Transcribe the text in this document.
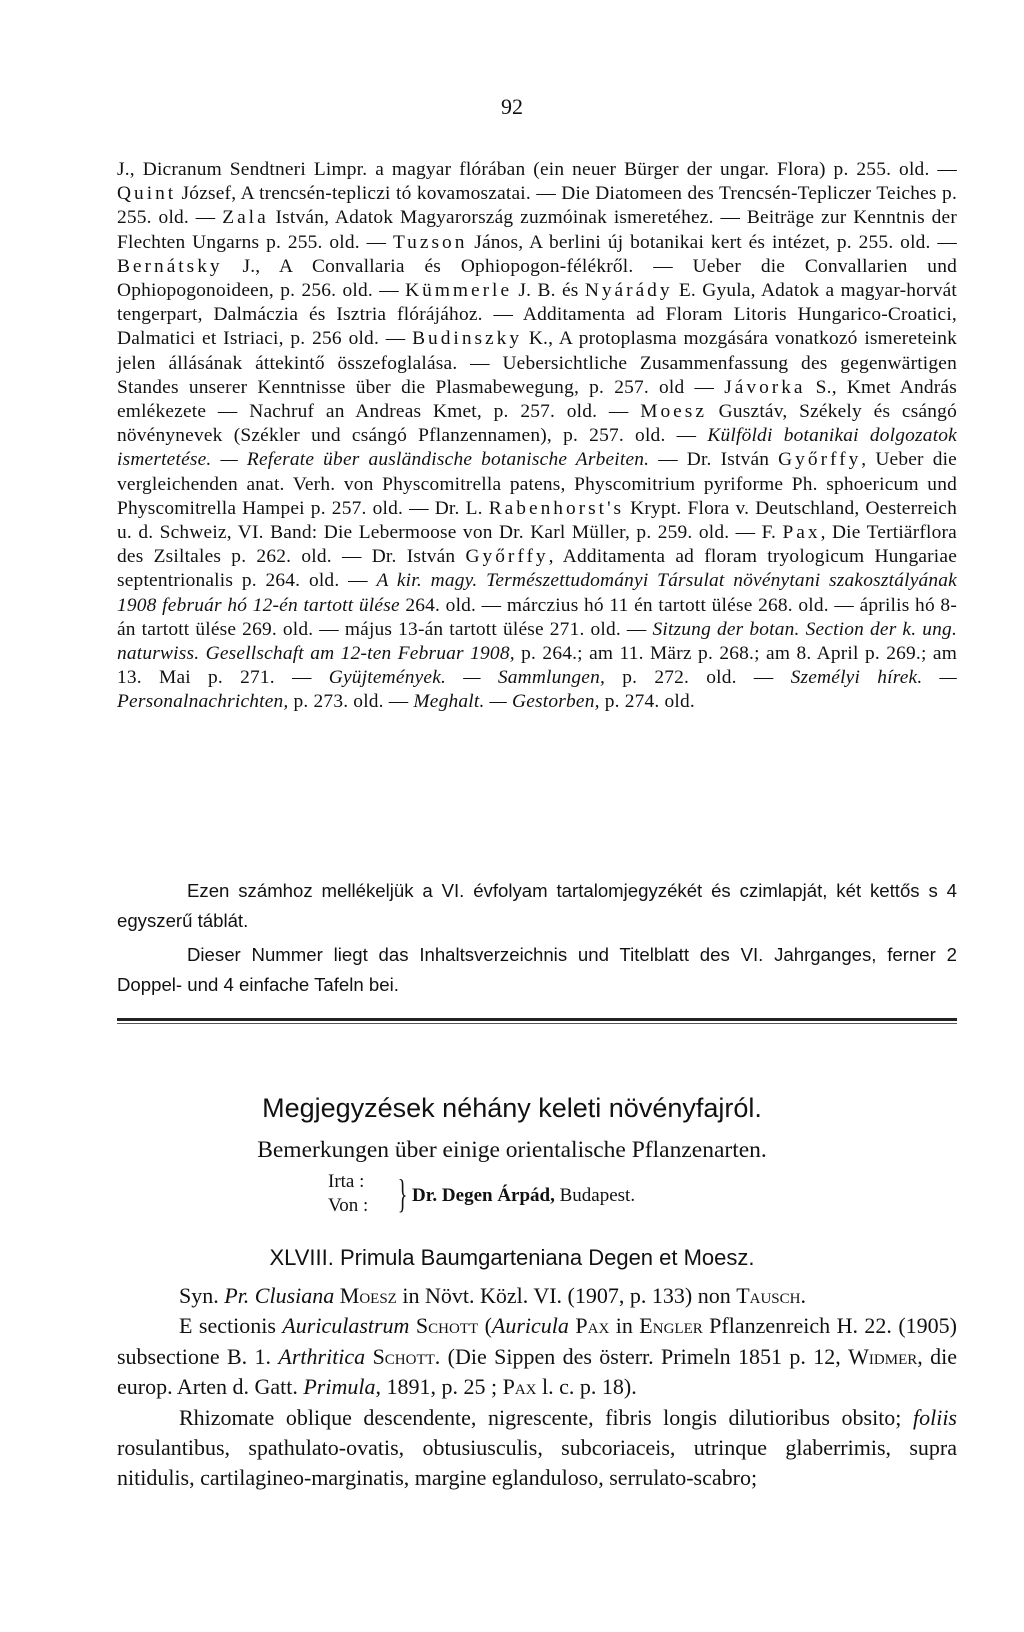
92
J., Dicranum Sendtneri Limpr. a magyar flórában (ein neuer Bürger der ungar. Flora) p. 255. old. — Quint József, A trencsén-tepliczi tó kovamoszatai. — Die Diatomeen des Trencsén-Tepliczer Teiches p. 255. old. — Zala István, Adatok Magyarország zuzmóinak ismeretéhez. — Beiträge zur Kenntnis der Flechten Ungarns p. 255. old. — Tuzson János, A berlini új botanikai kert és intézet, p. 255. old. — Bernátsky J., A Convallaria és Ophiopogon-félékről. — Ueber die Convallarien und Ophiopogonoideen, p. 256. old. — Kümmerle J. B. és Nyárády E. Gyula, Adatok a magyar-horvát tengerpart, Dalmáczia és Isztria flórájához. — Additamenta ad Floram Litoris Hungarico-Croatici, Dalmatici et Istriaci, p. 256 old. — Budinszky K., A protoplasma mozgására vonatkozó ismereteink jelen állásának áttekintő összefoglalása. — Uebersichtliche Zusammenfassung des gegenwärtigen Standes unserer Kenntnisse über die Plasmabewegung, p. 257. old — Jávorka S., Kmet András emlékezete — Nachruf an Andreas Kmet, p. 257. old. — Moesz Gusztáv, Székely és csángó növénynevek (Székler und csángó Pflanzennamen), p. 257. old. — Külföldi botanikai dolgozatok ismertetése. — Referate über ausländische botanische Arbeiten. — Dr. István Győrffy, Ueber die vergleichenden anat. Verh. von Physcomitrella patens, Physcomitrium pyriforme Ph. sphoericum und Physcomitrella Hampei p. 257. old. — Dr. L. Rabenhorst's Krypt. Flora v. Deutschland, Oesterreich u. d. Schweiz, VI. Band: Die Lebermoose von Dr. Karl Müller, p. 259. old. — F. Pax, Die Tertiärflora des Zsiltales p. 262. old. — Dr. István Győrffy, Additamenta ad floram tryologicum Hungariae septentrionalis p. 264. old. — A kir. magy. Természettudományi Társulat növénytani szakosztályának 1908 február hó 12-én tartott ülése 264. old. — márczius hó 11 én tartott ülése 268. old. — április hó 8-án tartott ülése 269. old. — május 13-án tartott ülése 271. old. — Sitzung der botan. Section der k. ung. naturwiss. Gesellschaft am 12-ten Februar 1908, p. 264.; am 11. März p. 268.; am 8. April p. 269.; am 13. Mai p. 271. — Gyüjtemények. — Sammlungen, p. 272. old. — Személyi hírek. — Personalnachrichten, p. 273. old. — Meghalt. — Gestorben, p. 274. old.
Ezen számhoz mellékeljük a VI. évfolyam tartalomjegyzékét és czimlapját, két kettős s 4 egyszerű táblát.
Dieser Nummer liegt das Inhaltsverzeichnis und Titelblatt des VI. Jahrganges, ferner 2 Doppel- und 4 einfache Tafeln bei.
Megjegyzések néhány keleti növényfajról.
Bemerkungen über einige orientalische Pflanzenarten.
Irta :
Von : } Dr. Degen Árpád, Budapest.
XLVIII. Primula Baumgarteniana Degen et Moesz.

Syn. Pr. Clusiana Moesz in Növt. Közl. VI. (1907, p. 133) non Tausch.

E sectionis Auriculastrum Schott (Auricula Pax in Engler Pflanzenreich H. 22. (1905) subsectione B. 1. Arthritica Schott. (Die Sippen des österr. Primeln 1851 p. 12, Widmer, die europ. Arten d. Gatt. Primula, 1891, p. 25 ; Pax l. c. p. 18).

Rhizomate oblique descendente, nigrescente, fibris longis dilutioribus obsito; foliis rosulantibus, spathulato-ovatis, obtusiusculis, subcoriaceis, utrinque glaberrimis, supra nitidulis, cartilagineo-marginatis, margine eglanduloso, serrulato-scabro;
